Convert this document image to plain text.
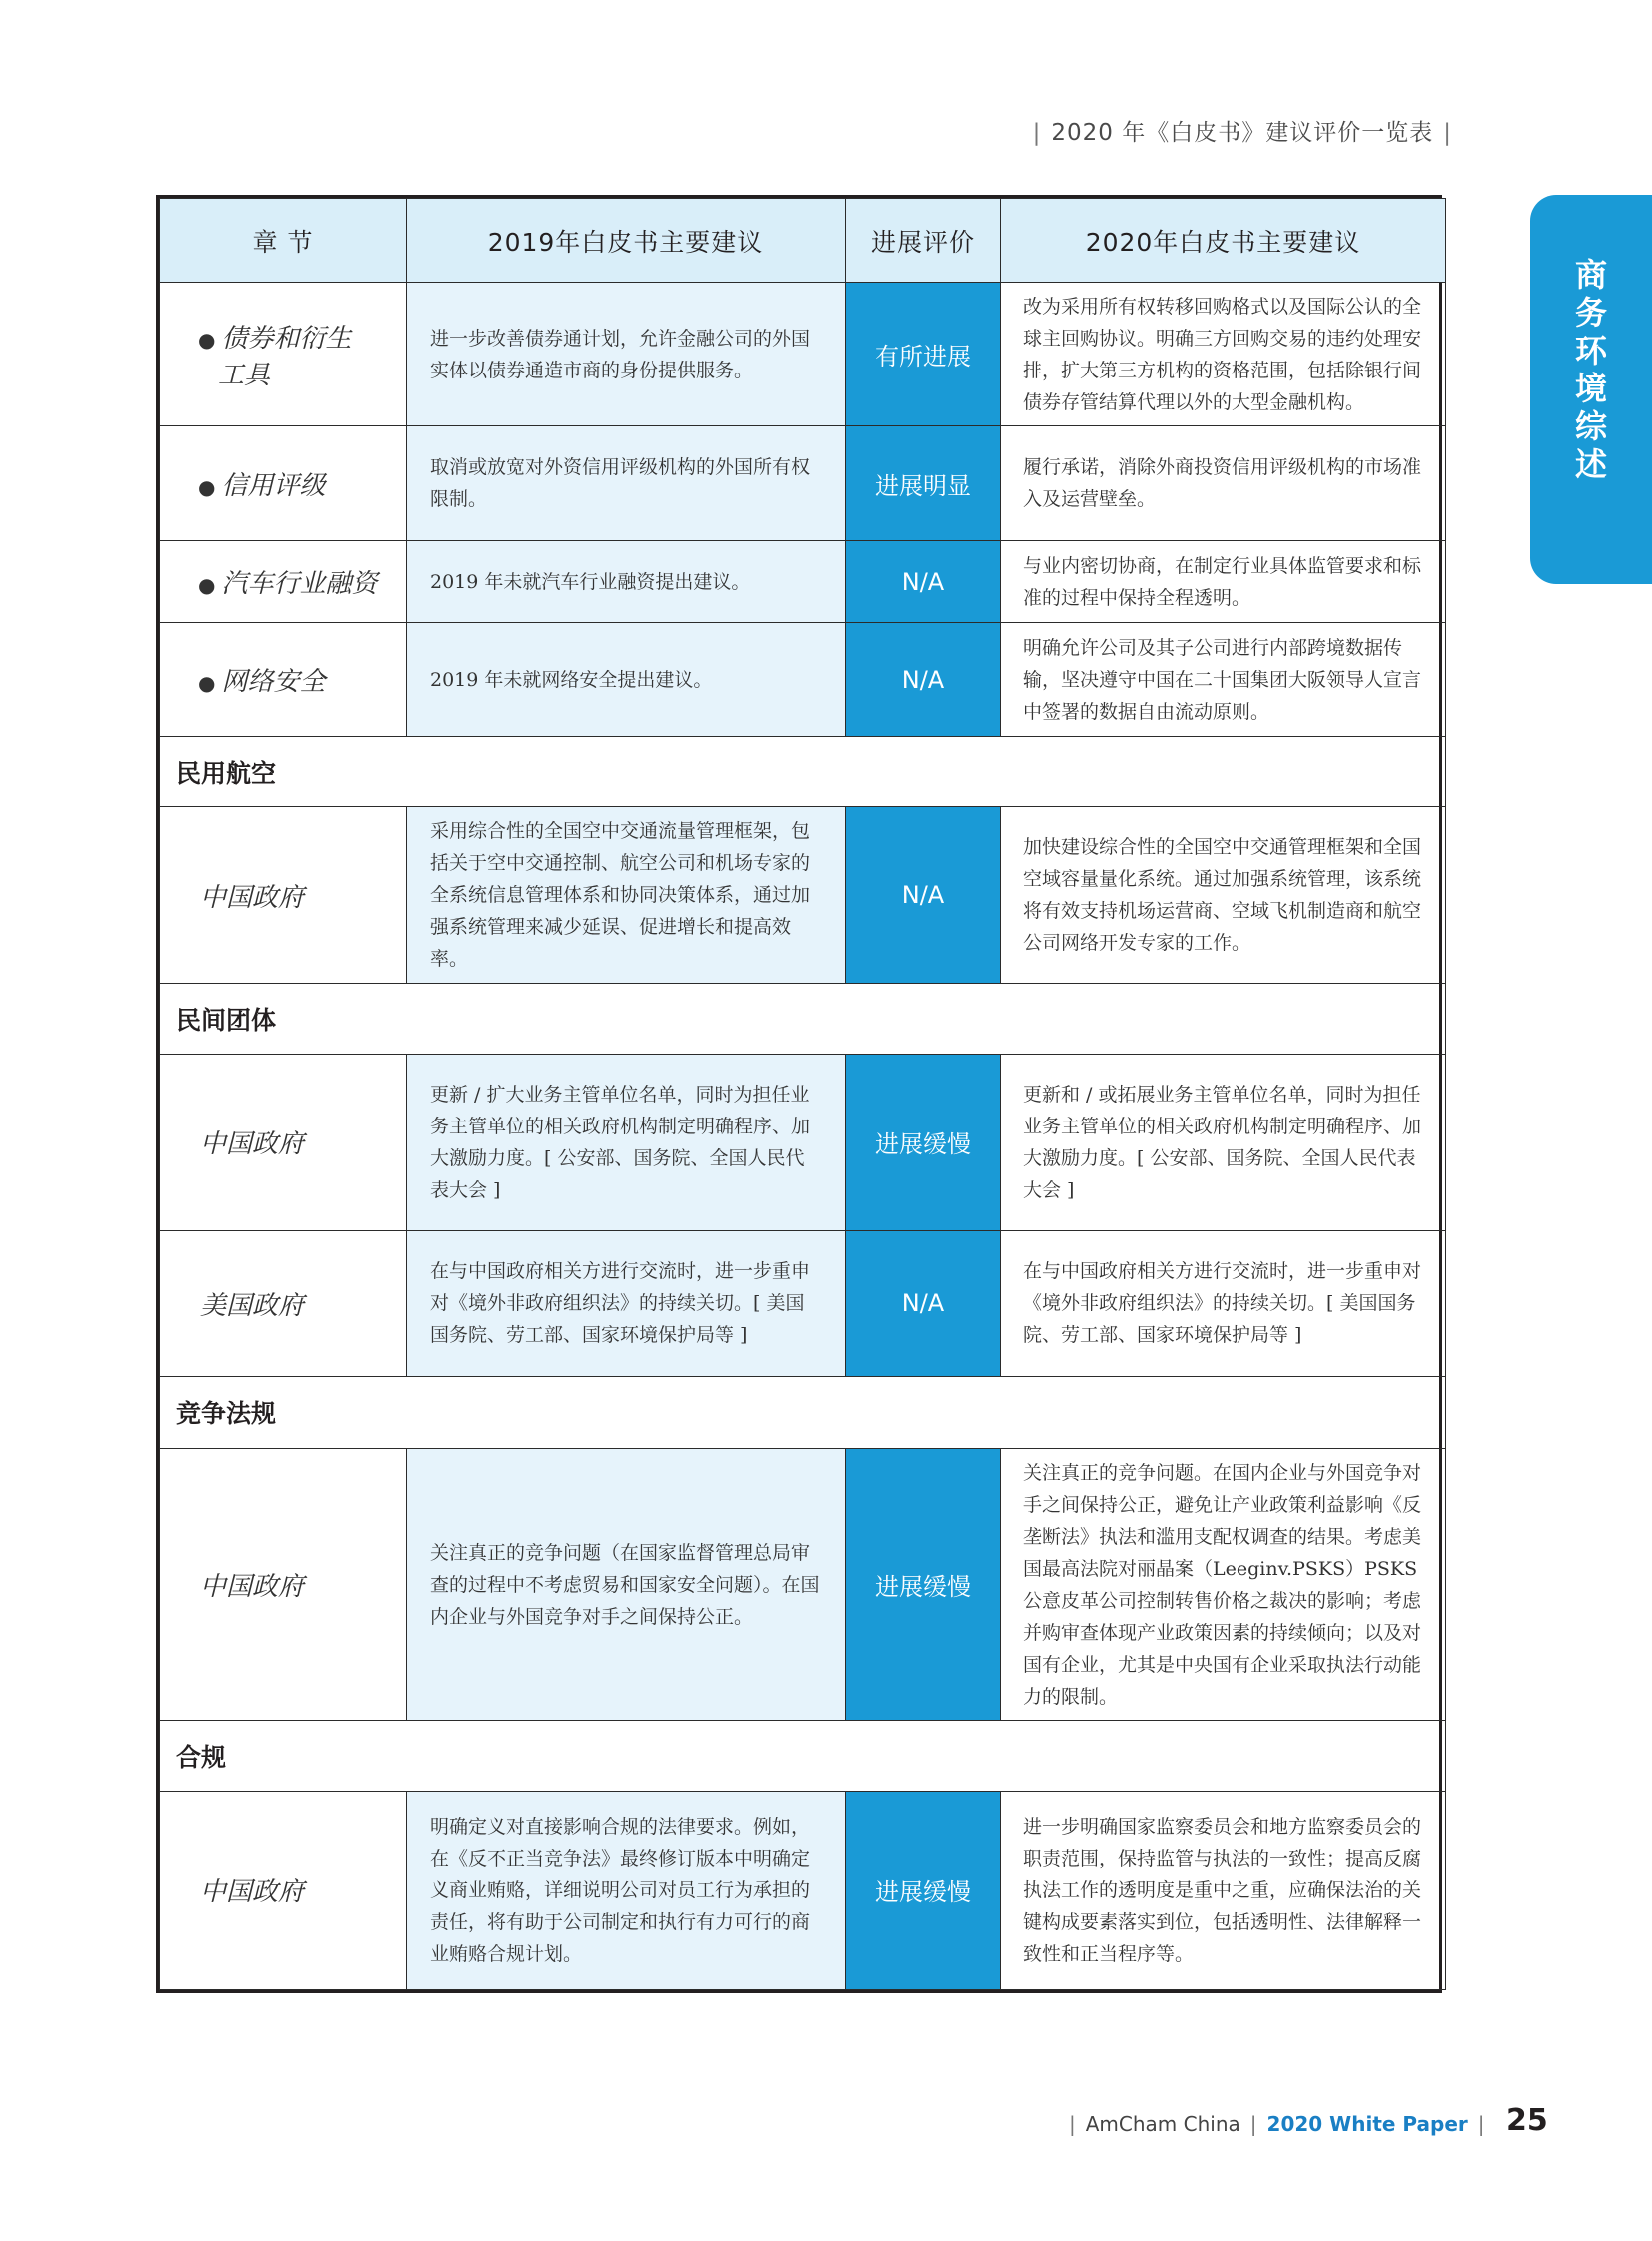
| 2020 年《白皮书》建议评价一览表 |
商
务
环
境
综
述
章 节	2019年白皮书主要建议	进展评价	2020年白皮书主要建议
● 债券和衍生
工具	进一步改善债券通计划，允许金融公司的外国实体以债券通造市商的身份提供服务。	有所进展	改为采用所有权转移回购格式以及国际公认的全球主回购协议。明确三方回购交易的违约处理安排，扩大第三方机构的资格范围，包括除银行间债券存管结算代理以外的大型金融机构。
● 信用评级	取消或放宽对外资信用评级机构的外国所有权限制。	进展明显	履行承诺，消除外商投资信用评级机构的市场准入及运营壁垒。
● 汽车行业融资	2019 年未就汽车行业融资提出建议。	N/A	与业内密切协商，在制定行业具体监管要求和标准的过程中保持全程透明。
● 网络安全	2019 年未就网络安全提出建议。	N/A	明确允许公司及其子公司进行内部跨境数据传输，坚决遵守中国在二十国集团大阪领导人宣言中签署的数据自由流动原则。
民用航空			
中国政府	采用综合性的全国空中交通流量管理框架，包括关于空中交通控制、航空公司和机场专家的全系统信息管理体系和协同决策体系，通过加强系统管理来减少延误、促进增长和提高效率。	N/A	加快建设综合性的全国空中交通管理框架和全国空域容量量化系统。通过加强系统管理，该系统将有效支持机场运营商、空域飞机制造商和航空公司网络开发专家的工作。
民间团体			
中国政府	更新 / 扩大业务主管单位名单，同时为担任业务主管单位的相关政府机构制定明确程序、加大激励力度。[ 公安部、国务院、全国人民代表大会 ]	进展缓慢	更新和 / 或拓展业务主管单位名单，同时为担任业务主管单位的相关政府机构制定明确程序、加大激励力度。[ 公安部、国务院、全国人民代表大会 ]
美国政府	在与中国政府相关方进行交流时，进一步重申对《境外非政府组织法》的持续关切。[ 美国国务院、劳工部、国家环境保护局等 ]	N/A	在与中国政府相关方进行交流时，进一步重申对《境外非政府组织法》的持续关切。[ 美国国务院、劳工部、国家环境保护局等 ]
竞争法规			
中国政府	关注真正的竞争问题（在国家监督管理总局审查的过程中不考虑贸易和国家安全问题）。在国内企业与外国竞争对手之间保持公正。	进展缓慢	关注真正的竞争问题。在国内企业与外国竞争对手之间保持公正，避免让产业政策利益影响《反垄断法》执法和滥用支配权调查的结果。考虑美国最高法院对丽晶案（Leeginv.PSKS）PSKS 公意皮革公司控制转售价格之裁决的影响；考虑并购审查体现产业政策因素的持续倾向；以及对国有企业，尤其是中央国有企业采取执法行动能力的限制。
合规			
中国政府	明确定义对直接影响合规的法律要求。例如，在《反不正当竞争法》最终修订版本中明确定义商业贿赂，详细说明公司对员工行为承担的责任，将有助于公司制定和执行有力可行的商业贿赂合规计划。	进展缓慢	进一步明确国家监察委员会和地方监察委员会的职责范围，保持监管与执法的一致性；提高反腐执法工作的透明度是重中之重，应确保法治的关键构成要素落实到位，包括透明性、法律解释一致性和正当程序等。
| AmCham China | 2020 White Paper | 25
